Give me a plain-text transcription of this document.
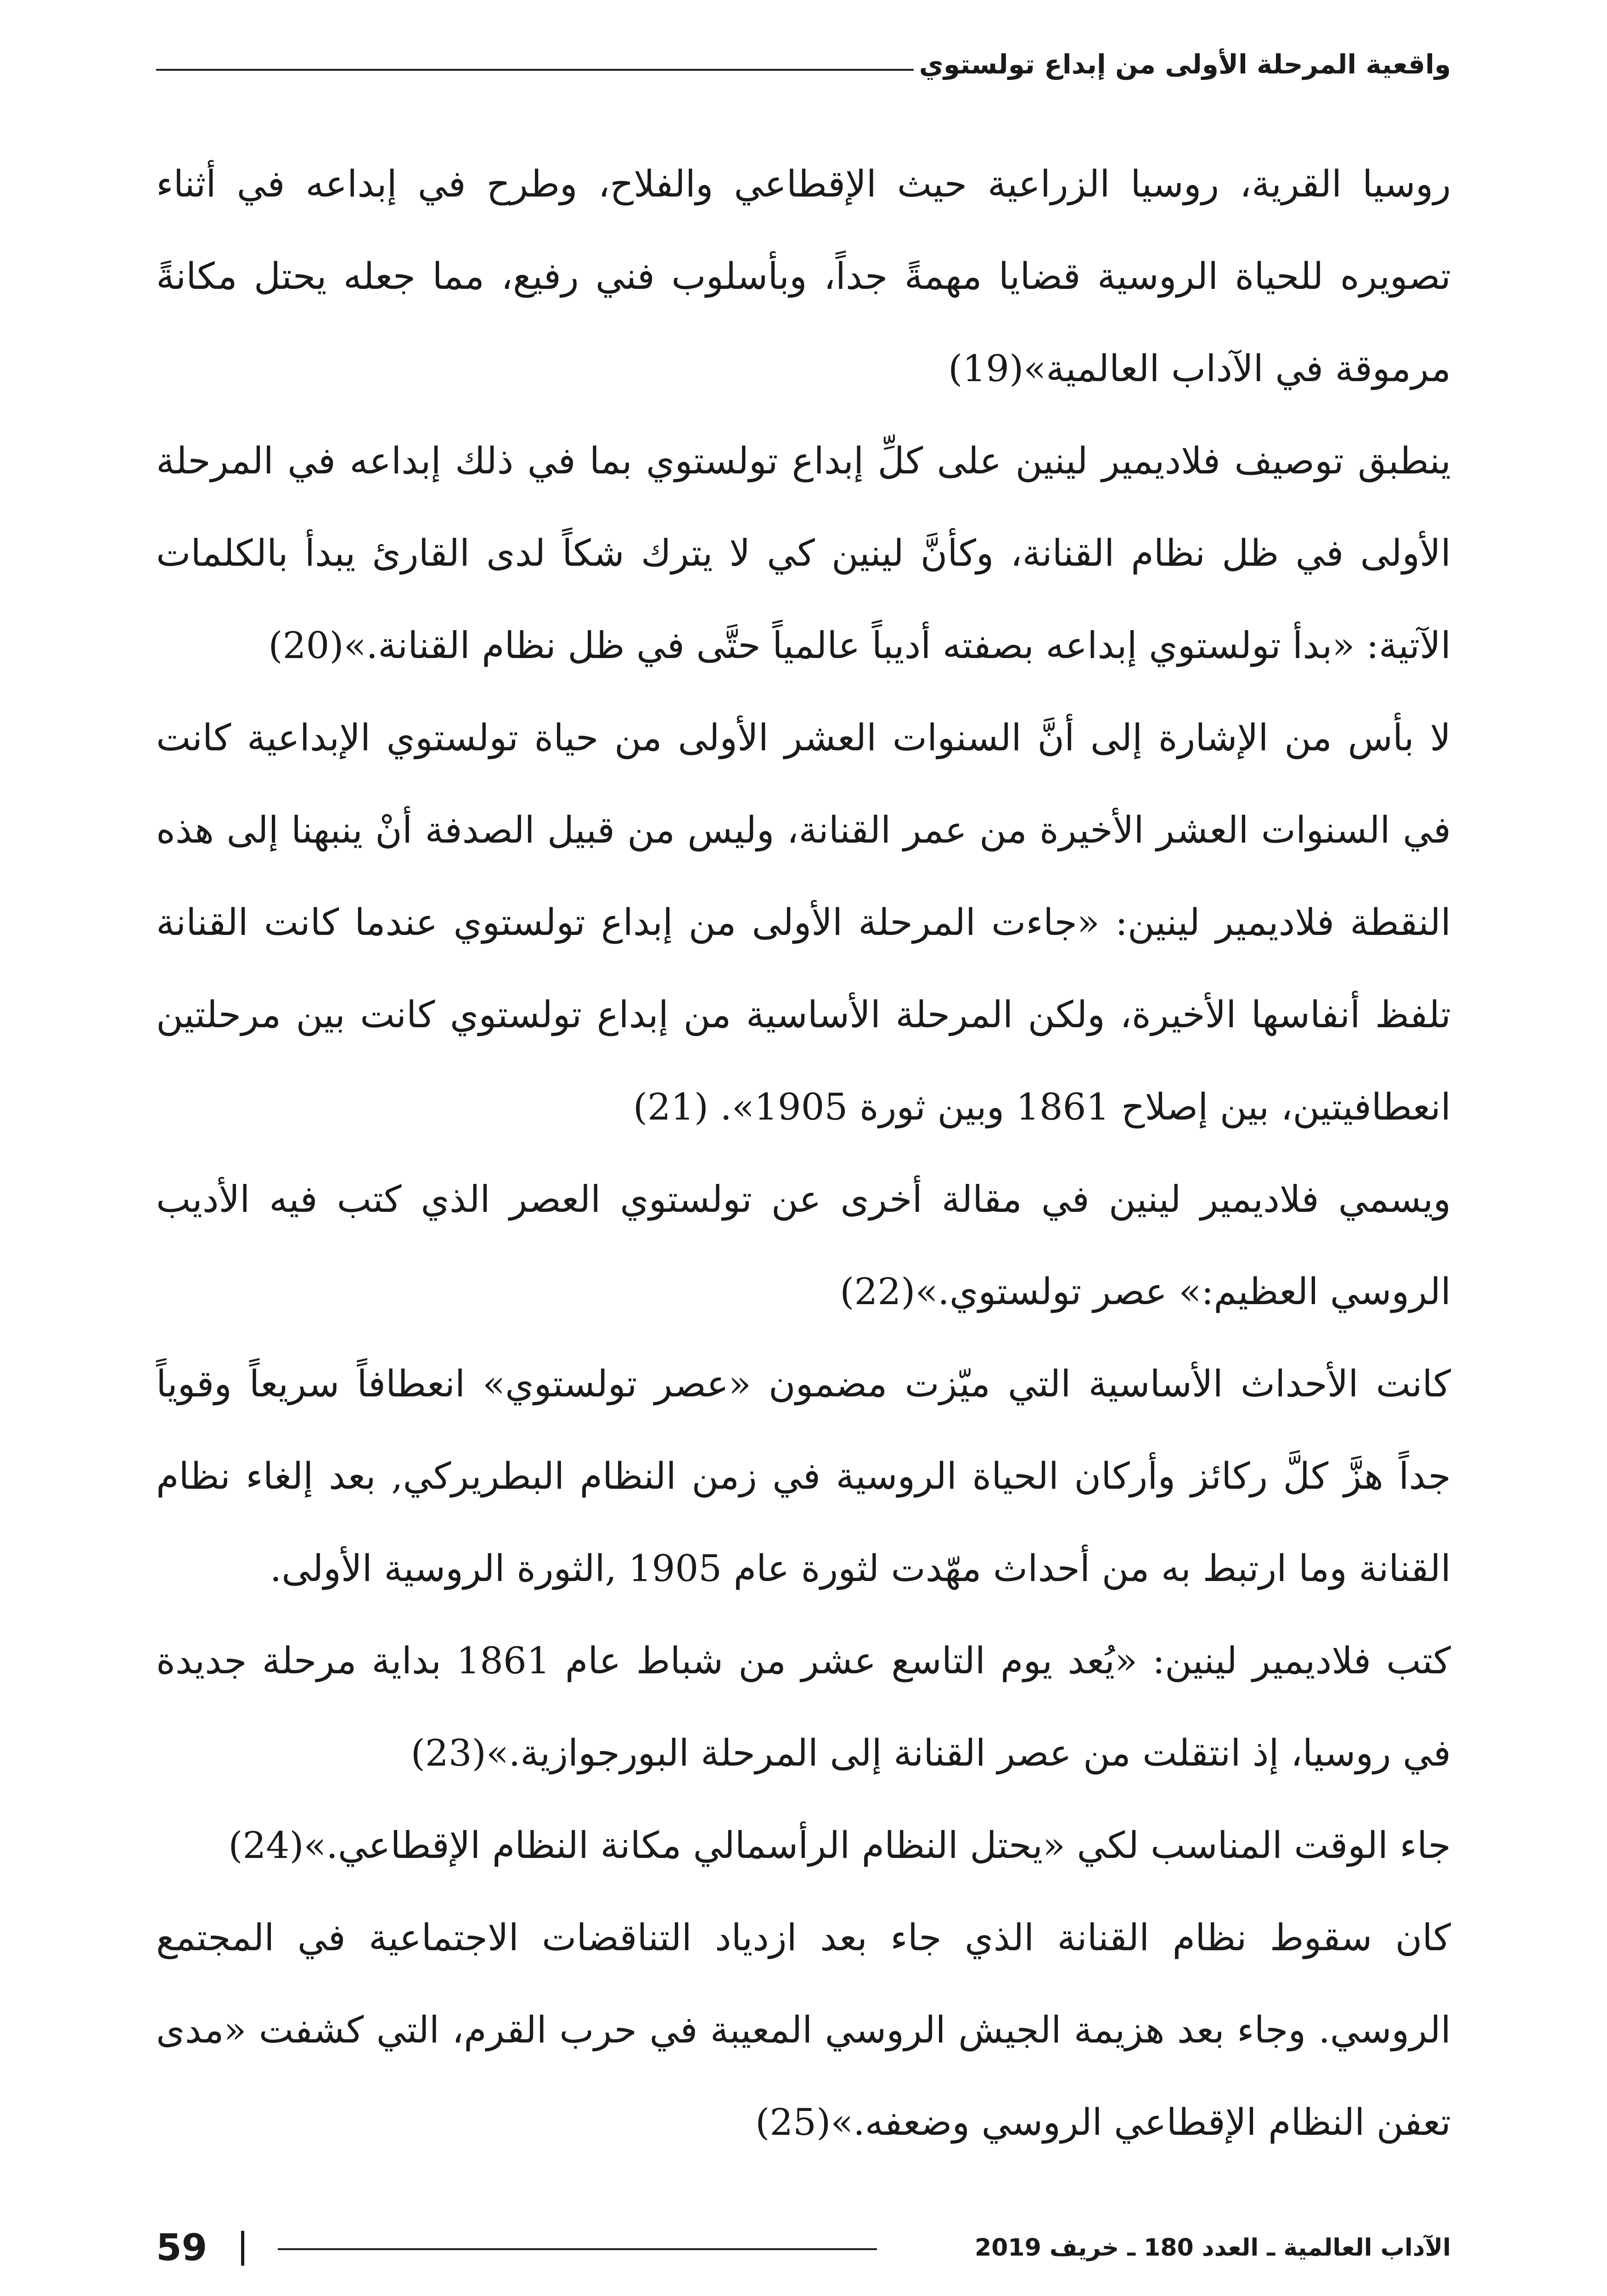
واقعية المرحلة الأولى من إبداع تولستوي

روسيا القرية، روسيا الزراعية حيث الإقطاعي والفلاح، وطرح في إبداعه في أثناء تصويره للحياة الروسية قضايا مهمةً جداً، وبأسلوب فني رفيع، مما جعله يحتل مكانةً مرموقة في الآداب العالمية»(19)

ينطبق توصيف فلاديمير لينين على كلِّ إبداع تولستوي بما في ذلك إبداعه في المرحلة الأولى في ظل نظام القنانة، وكأنَّ لينين كي لا يترك شكاً لدى القارئ يبدأ بالكلمات الآتية: «بدأ تولستوي إبداعه بصفته أديباً عالمياً حتَّى في ظل نظام القنانة.»(20)

لا بأس من الإشارة إلى أنَّ السنوات العشر الأولى من حياة تولستوي الإبداعية كانت في السنوات العشر الأخيرة من عمر القنانة، وليس من قبيل الصدفة أنْ ينبهنا إلى هذه النقطة فلاديمير لينين: «جاءت المرحلة الأولى من إبداع تولستوي عندما كانت القنانة تلفظ أنفاسها الأخيرة، ولكن المرحلة الأساسية من إبداع تولستوي كانت بين مرحلتين انعطافيتين، بين إصلاح 1861 وبين ثورة 1905». (21)

ويسمي فلاديمير لينين في مقالة أخرى عن تولستوي العصر الذي كتب فيه الأديب الروسي العظيم:» عصر تولستوي.»(22)

كانت الأحداث الأساسية التي ميّزت مضمون «عصر تولستوي» انعطافاً سريعاً وقوياً جداً هزَّ كلَّ ركائز وأركان الحياة الروسية في زمن النظام البطريركي, بعد إلغاء نظام القنانة وما ارتبط به من أحداث مهّدت لثورة عام 1905 ,الثورة الروسية الأولى.

كتب فلاديمير لينين: «يُعد يوم التاسع عشر من شباط عام 1861 بداية مرحلة جديدة في روسيا، إذ انتقلت من عصر القنانة إلى المرحلة البورجوازية.»(23)

جاء الوقت المناسب لكي «يحتل النظام الرأسمالي مكانة النظام الإقطاعي.»(24)

كان سقوط نظام القنانة الذي جاء بعد ازدياد التناقضات الاجتماعية في المجتمع الروسي. وجاء بعد هزيمة الجيش الروسي المعيبة في حرب القرم، التي كشفت «مدى تعفن النظام الإقطاعي الروسي وضعفه.»(25)

59	الآداب العالمية ـ العدد 180 ـ خريف 2019
